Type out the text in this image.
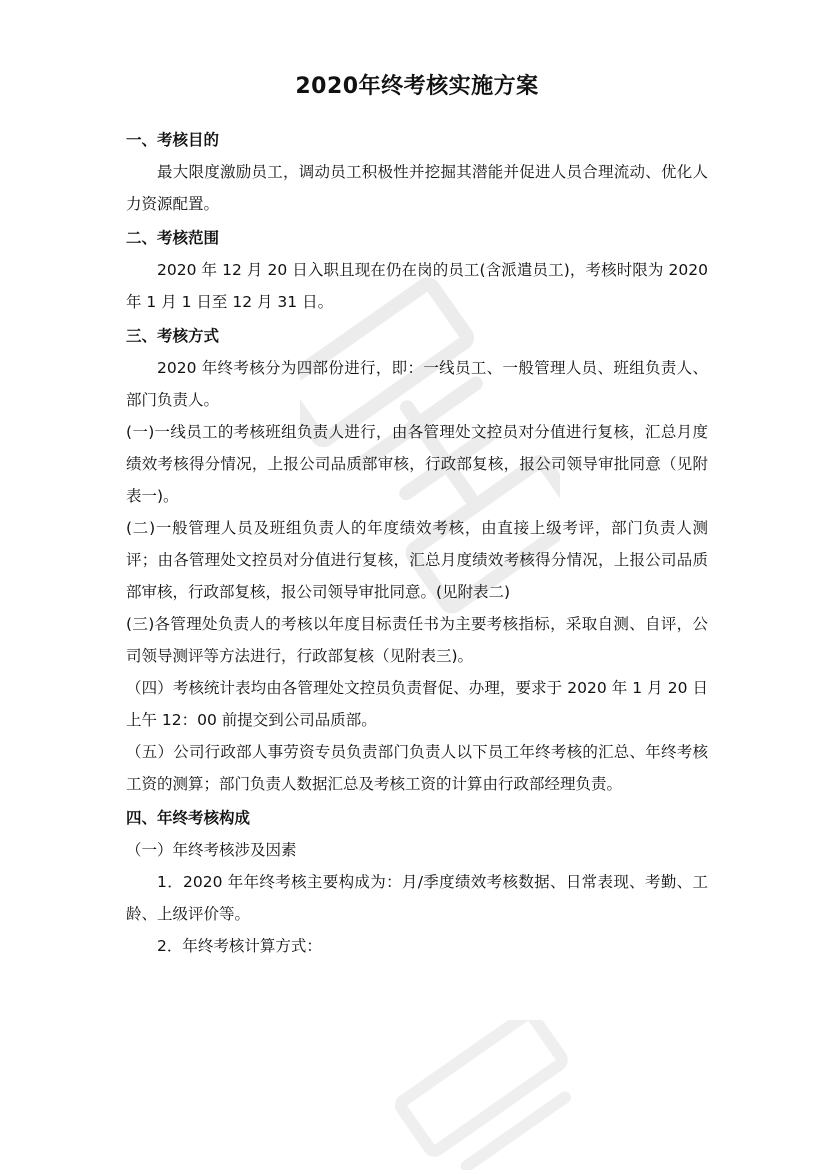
2020年终考核实施方案
一、考核目的

最大限度激励员工，调动员工积极性并挖掘其潜能并促进人员合理流动、优化人力资源配置。

二、考核范围

2020 年 12 月 20 日入职且现在仍在岗的员工(含派遣员工)，考核时限为 2020 年 1 月 1 日至 12 月 31 日。

三、考核方式

2020 年终考核分为四部份进行，即：一线员工、一般管理人员、班组负责人、部门负责人。

(一)一线员工的考核班组负责人进行，由各管理处文控员对分值进行复核，汇总月度绩效考核得分情况，上报公司品质部审核，行政部复核，报公司领导审批同意（见附表一)。

(二)一般管理人员及班组负责人的年度绩效考核，由直接上级考评，部门负责人测评；由各管理处文控员对分值进行复核，汇总月度绩效考核得分情况，上报公司品质部审核，行政部复核，报公司领导审批同意。(见附表二)

(三)各管理处负责人的考核以年度目标责任书为主要考核指标，采取自测、自评，公司领导测评等方法进行，行政部复核（见附表三)。

（四）考核统计表均由各管理处文控员负责督促、办理，要求于 2020 年 1 月 20 日上午 12：00 前提交到公司品质部。

（五）公司行政部人事劳资专员负责部门负责人以下员工年终考核的汇总、年终考核工资的测算；部门负责人数据汇总及考核工资的计算由行政部经理负责。

四、年终考核构成

（一）年终考核涉及因素

1．2020 年年终考核主要构成为：月/季度绩效考核数据、日常表现、考勤、工龄、上级评价等。

2．年终考核计算方式：
